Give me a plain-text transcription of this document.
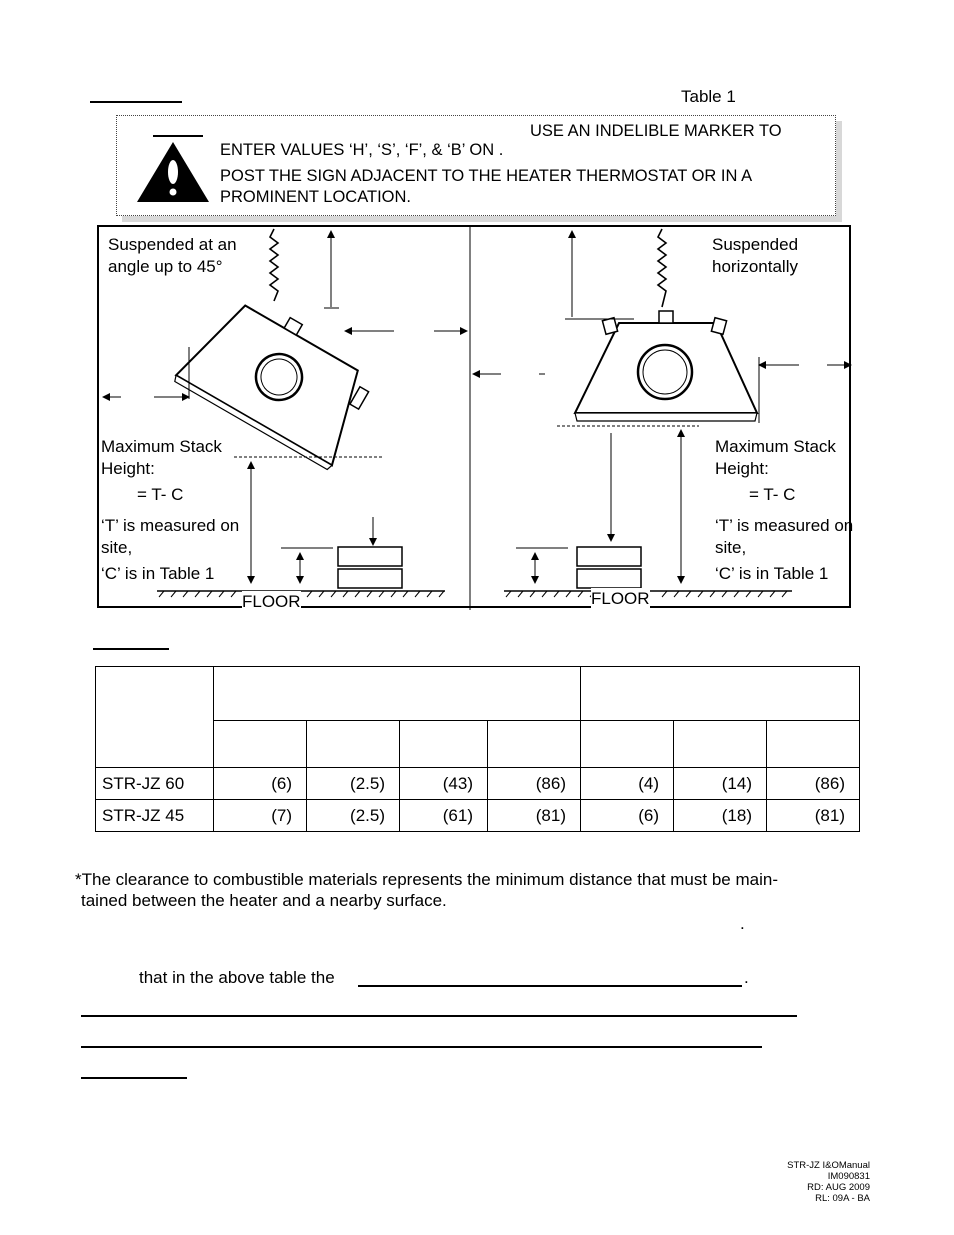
Table 1
USE AN INDELIBLE MARKER TO
ENTER VALUES ‘H’, ‘S’, ‘F’, & ‘B’ ON .
POST THE SIGN ADJACENT TO THE HEATER THERMOSTAT OR IN A
PROMINENT LOCATION.
Suspended at an angle up to 45°
Maximum Stack Height:
= T- C
‘T’ is measured on site,
‘C’ is in Table 1
FLOOR
Suspended horizontally
Maximum Stack Height:
= T- C
‘T’ is measured on site,
‘C’ is in Table 1
FLOOR

STR-JZ 60	(6)	(2.5)	(43)	(86)	(4)	(14)	(86)
STR-JZ 45	(7)	(2.5)	(61)	(81)	(6)	(18)	(81)
*The clearance to combustible materials represents the minimum distance that must be main-
tained between the heater and a nearby surface.
.
that in the above table the	.
STR-JZ I&OManual
IM090831
RD: AUG 2009
RL: 09A - BA
